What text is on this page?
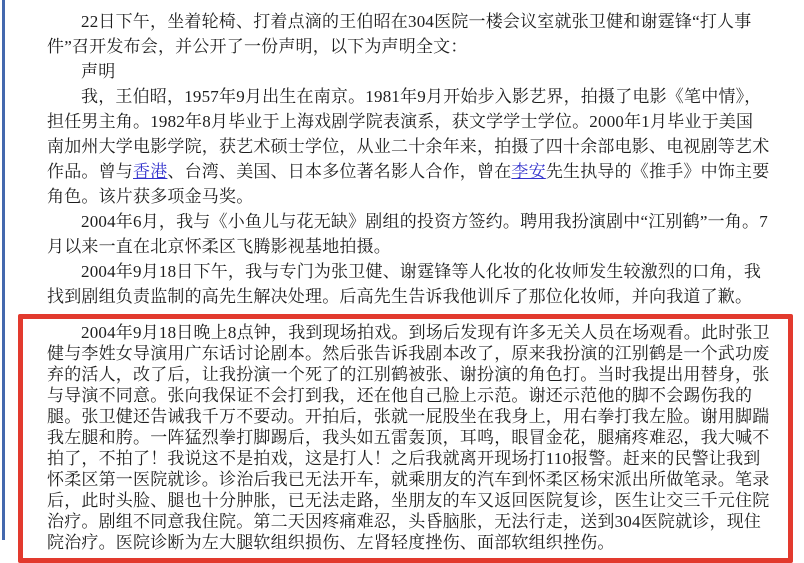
22日下午，坐着轮椅、打着点滴的王伯昭在304医院一楼会议室就张卫健和谢霆锋“打人事件”召开发布会，并公开了一份声明，以下为声明全文：

声明

我，王伯昭，1957年9月出生在南京。1981年9月开始步入影艺界，拍摄了电影《笔中情》，担任男主角。1982年8月毕业于上海戏剧学院表演系，获文学学士学位。2000年1月毕业于美国南加州大学电影学院，获艺术硕士学位，从业二十余年来，拍摄了四十余部电影、电视剧等艺术作品。曾与香港、台湾、美国、日本多位著名影人合作，曾在李安先生执导的《推手》中饰主要角色。该片获多项金马奖。

2004年6月，我与《小鱼儿与花无缺》剧组的投资方签约。聘用我扮演剧中“江别鹤”一角。7月以来一直在北京怀柔区飞腾影视基地拍摄。

2004年9月18日下午，我与专门为张卫健、谢霆锋等人化妆的化妆师发生较激烈的口角，我找到剧组负责监制的高先生解决处理。后高先生告诉我他训斥了那位化妆师，并向我道了歉。

2004年9月18日晚上8点钟，我到现场拍戏。到场后发现有许多无关人员在场观看。此时张卫健与李姓女导演用广东话讨论剧本。然后张告诉我剧本改了，原来我扮演的江别鹤是一个武功废弃的活人，改了后，让我扮演一个死了的江别鹤被张、谢扮演的角色打。当时我提出用替身，张与导演不同意。张向我保证不会打到我，还在他自己脸上示范。谢还示范他的脚不会踢伤我的腿。张卫健还告诫我千万不要动。开拍后，张就一屁股坐在我身上，用右拳打我左脸。谢用脚踹我左腿和胯。一阵猛烈拳打脚踢后，我头如五雷轰顶，耳鸣，眼冒金花，腿痛疼难忍，我大喊不拍了，不拍了！我说这不是拍戏，这是打人！之后我就离开现场打110报警。赶来的民警让我到怀柔区第一医院就诊。诊治后我已无法开车，就乘朋友的汽车到怀柔区杨宋派出所做笔录。笔录后，此时头脸、腿也十分肿胀，已无法走路，坐朋友的车又返回医院复诊，医生让交三千元住院治疗。剧组不同意我住院。第二天因疼痛难忍，头昏脑胀，无法行走，送到304医院就诊，现住院治疗。医院诊断为左大腿软组织损伤、左肾轻度挫伤、面部软组织挫伤。
